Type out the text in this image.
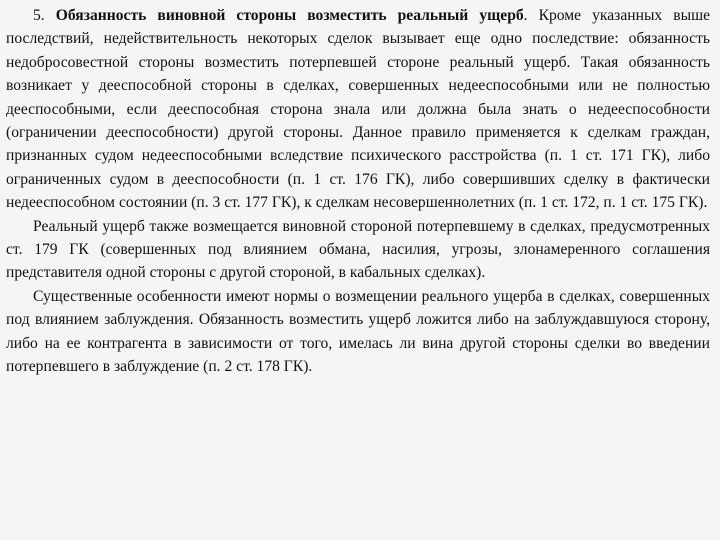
5. Обязанность виновной стороны возместить реальный ущерб. Кроме указанных выше последствий, недействительность некоторых сделок вызывает еще одно последствие: обязанность недобросовестной стороны возместить потерпевшей стороне реальный ущерб. Такая обязанность возникает у дееспособной стороны в сделках, совершенных недееспособными или не полностью дееспособными, если дееспособная сторона знала или должна была знать о недееспособности (ограничении дееспособности) другой стороны. Данное правило применяется к сделкам граждан, признанных судом недееспособными вследствие психического расстройства (п. 1 ст. 171 ГК), либо ограниченных судом в дееспособности (п. 1 ст. 176 ГК), либо совершивших сделку в фактически недееспособном состоянии (п. 3 ст. 177 ГК), к сделкам несовершеннолетних (п. 1 ст. 172, п. 1 ст. 175 ГК).

Реальный ущерб также возмещается виновной стороной потерпевшему в сделках, предусмотренных ст. 179 ГК (совершенных под влиянием обмана, насилия, угрозы, злонамеренного соглашения представителя одной стороны с другой стороной, в кабальных сделках).

Существенные особенности имеют нормы о возмещении реального ущерба в сделках, совершенных под влиянием заблуждения. Обязанность возместить ущерб ложится либо на заблуждавшуюся сторону, либо на ее контрагента в зависимости от того, имелась ли вина другой стороны сделки во введении потерпевшего в заблуждение (п. 2 ст. 178 ГК).
